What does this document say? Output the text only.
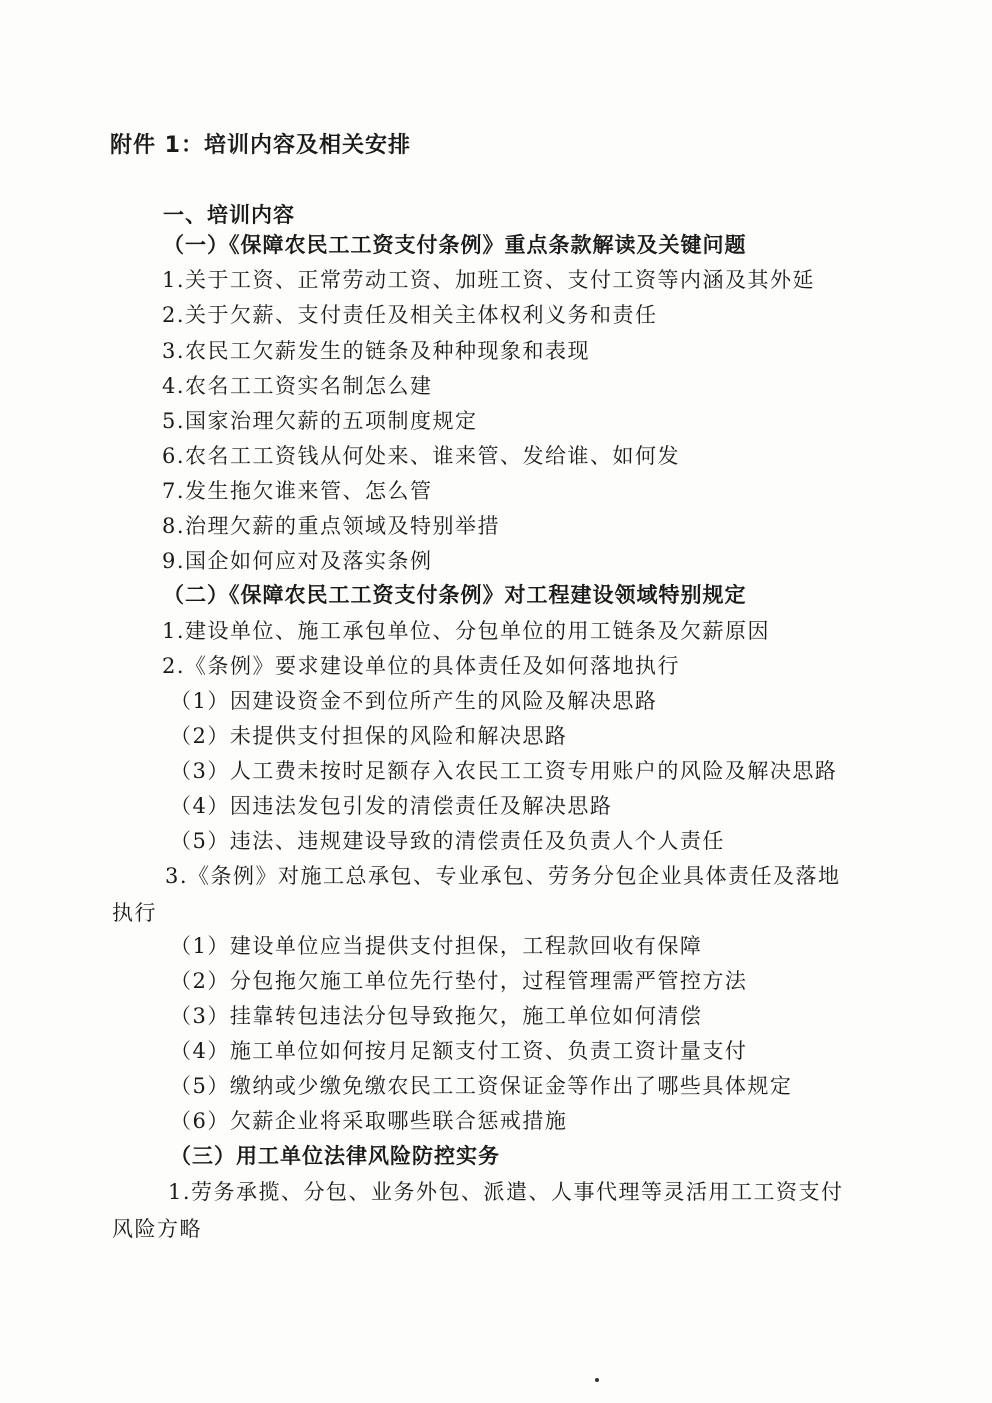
附件 1：培训内容及相关安排
一、培训内容
（一）《保障农民工工资支付条例》重点条款解读及关键问题
1.关于工资、正常劳动工资、加班工资、支付工资等内涵及其外延
2.关于欠薪、支付责任及相关主体权利义务和责任
3.农民工欠薪发生的链条及种种现象和表现
4.农名工工资实名制怎么建
5.国家治理欠薪的五项制度规定
6.农名工工资钱从何处来、谁来管、发给谁、如何发
7.发生拖欠谁来管、怎么管
8.治理欠薪的重点领域及特别举措
9.国企如何应对及落实条例
（二）《保障农民工工资支付条例》对工程建设领域特别规定
1.建设单位、施工承包单位、分包单位的用工链条及欠薪原因
2.《条例》要求建设单位的具体责任及如何落地执行
（1）因建设资金不到位所产生的风险及解决思路
（2）未提供支付担保的风险和解决思路
（3）人工费未按时足额存入农民工工资专用账户的风险及解决思路
（4）因违法发包引发的清偿责任及解决思路
（5）违法、违规建设导致的清偿责任及负责人个人责任
3.《条例》对施工总承包、专业承包、劳务分包企业具体责任及落地
执行
（1）建设单位应当提供支付担保，工程款回收有保障
（2）分包拖欠施工单位先行垫付，过程管理需严管控方法
（3）挂靠转包违法分包导致拖欠，施工单位如何清偿
（4）施工单位如何按月足额支付工资、负责工资计量支付
（5）缴纳或少缴免缴农民工工资保证金等作出了哪些具体规定
（6）欠薪企业将采取哪些联合惩戒措施
（三）用工单位法律风险防控实务
1.劳务承揽、分包、业务外包、派遣、人事代理等灵活用工工资支付
风险方略
